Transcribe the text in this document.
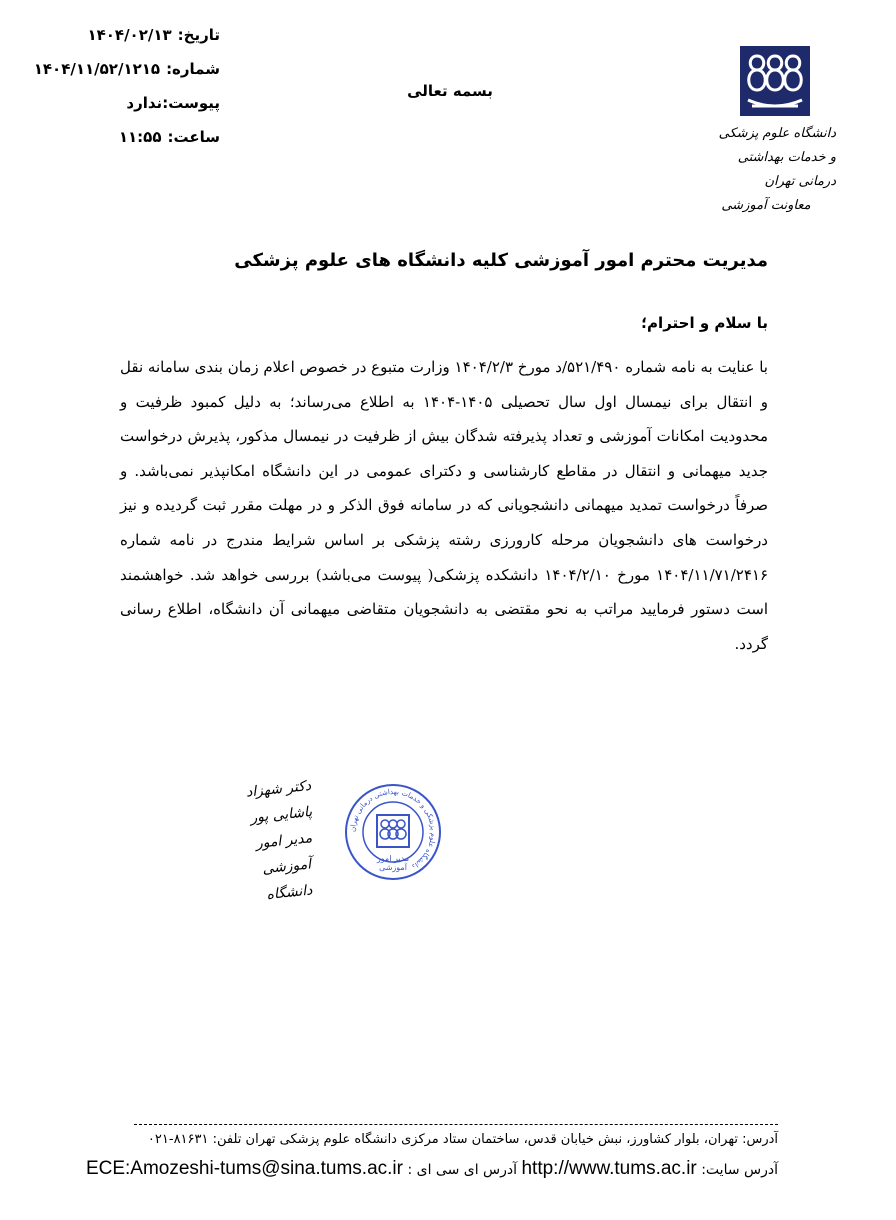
تاریخ:
۱۴۰۴/۰۲/۱۳
شماره:
۱۴۰۴/۱۱/۵۲/۱۲۱۵
پیوست:
ندارد
ساعت:
۱۱:۵۵
بسمه تعالی
دانشگاه علوم پزشکی
و خدمات بهداشتی درمانی تهران
معاونت آموزشی
مدیریت محترم امور آموزشی کلیه دانشگاه های علوم پزشکی
با سلام و احترام؛
با عنایت به نامه شماره ۵۲۱/۴۹۰/د مورخ ۱۴۰۴/۲/۳ وزارت متبوع در خصوص اعلام زمان بندی سامانه نقل و انتقال برای نیمسال اول سال تحصیلی ۱۴۰۵-۱۴۰۴ به اطلاع می‌رساند؛ به دلیل کمبود ظرفیت و محدودیت امکانات آموزشی و تعداد پذیرفته شدگان بیش از ظرفیت در نیمسال مذکور، پذیرش درخواست جدید میهمانی و انتقال در مقاطع کارشناسی و دکترای عمومی در این دانشگاه امکانپذیر نمی‌باشد. و صرفاً درخواست تمدید میهمانی دانشجویانی که در سامانه فوق الذکر و در مهلت مقرر ثبت گردیده و نیز درخواست های دانشجویان مرحله کارورزی رشته پزشکی بر اساس شرایط مندرج در نامه شماره ۱۴۰۴/۱۱/۷۱/۲۴۱۶ مورخ ۱۴۰۴/۲/۱۰ دانشکده پزشکی( پیوست می‌باشد) بررسی خواهد شد. خواهشمند است دستور فرمایید مراتب به نحو مقتضی به دانشجویان متقاضی میهمانی آن دانشگاه، اطلاع رسانی گردد.
دکتر شهزاد پاشایی پور
مدیر امور آموزشی دانشگاه
دانشگاه علوم پزشکی و خدمات بهداشتی درمانی تهران
مدیر امور آموزشی
آدرس: تهران، بلوار کشاورز، نبش خیابان قدس، ساختمان ستاد مرکزی دانشگاه علوم پزشکی تهران تلفن: ۸۱۶۳۱-۰۲۱
آدرس سایت: http://www.tums.ac.ir آدرس ای سی ای : ECE:Amozeshi-tums@sina.tums.ac.ir
